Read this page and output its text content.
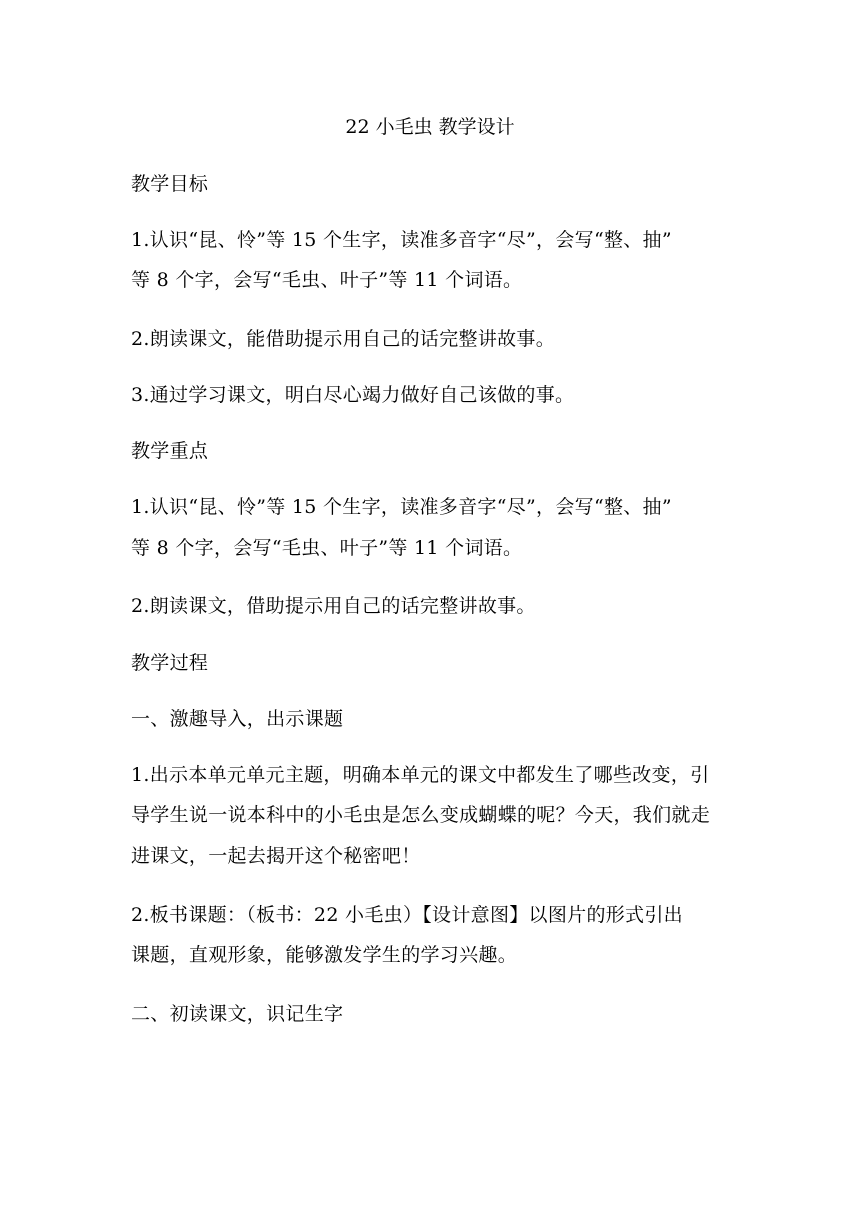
22 小毛虫 教学设计
教学目标
1.认识“昆、怜”等 15 个生字，读准多音字“尽”，会写“整、抽”
等 8 个字，会写“毛虫、叶子”等 11 个词语。
2.朗读课文，能借助提示用自己的话完整讲故事。
3.通过学习课文，明白尽心竭力做好自己该做的事。
教学重点
1.认识“昆、怜”等 15 个生字，读准多音字“尽”，会写“整、抽”
等 8 个字，会写“毛虫、叶子”等 11 个词语。
2.朗读课文，借助提示用自己的话完整讲故事。
教学过程
一、激趣导入，出示课题
1.出示本单元单元主题，明确本单元的课文中都发生了哪些改变，引
导学生说一说本科中的小毛虫是怎么变成蝴蝶的呢？今天，我们就走
进课文，一起去揭开这个秘密吧！
2.板书课题：（板书：22 小毛虫）【设计意图】以图片的形式引出
课题，直观形象，能够激发学生的学习兴趣。
二、初读课文，识记生字
